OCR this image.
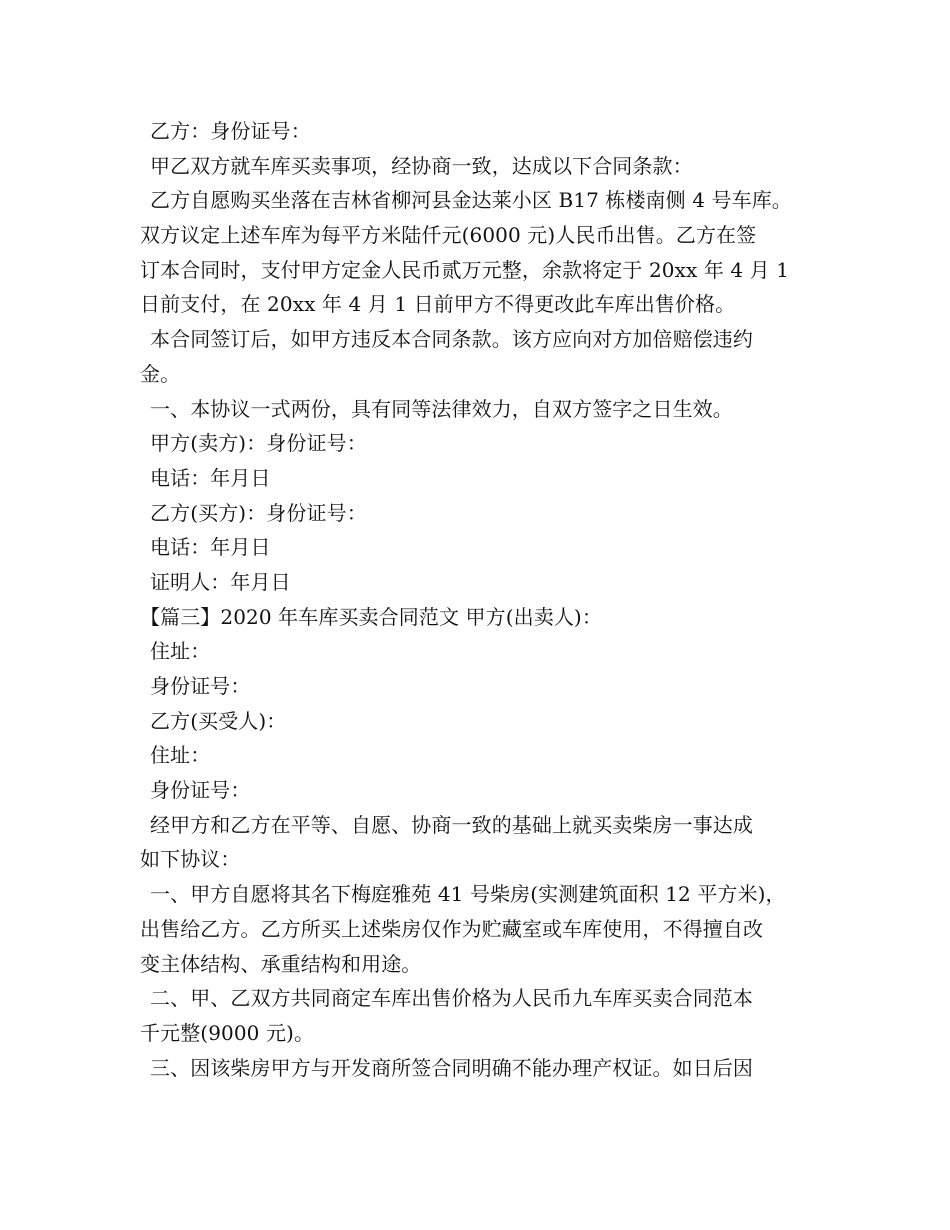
乙方：身份证号：
甲乙双方就车库买卖事项，经协商一致，达成以下合同条款：
乙方自愿购买坐落在吉林省柳河县金达莱小区 B17 栋楼南侧 4 号车库。
双方议定上述车库为每平方米陆仟元(6000 元)人民币出售。乙方在签
订本合同时，支付甲方定金人民币贰万元整，余款将定于 20xx 年 4 月 1
日前支付，在 20xx 年 4 月 1 日前甲方不得更改此车库出售价格。
本合同签订后，如甲方违反本合同条款。该方应向对方加倍赔偿违约
金。
一、本协议一式两份，具有同等法律效力，自双方签字之日生效。
甲方(卖方)：身份证号：
电话：年月日
乙方(买方)：身份证号：
电话：年月日
证明人：年月日
【篇三】2020 年车库买卖合同范文 甲方(出卖人)：
住址：
身份证号：
乙方(买受人)：
住址：
身份证号：
经甲方和乙方在平等、自愿、协商一致的基础上就买卖柴房一事达成
如下协议：
一、甲方自愿将其名下梅庭雅苑 41 号柴房(实测建筑面积 12 平方米)，
出售给乙方。乙方所买上述柴房仅作为贮藏室或车库使用，不得擅自改
变主体结构、承重结构和用途。
二、甲、乙双方共同商定车库出售价格为人民币九车库买卖合同范本
千元整(9000 元)。
三、因该柴房甲方与开发商所签合同明确不能办理产权证。如日后因
